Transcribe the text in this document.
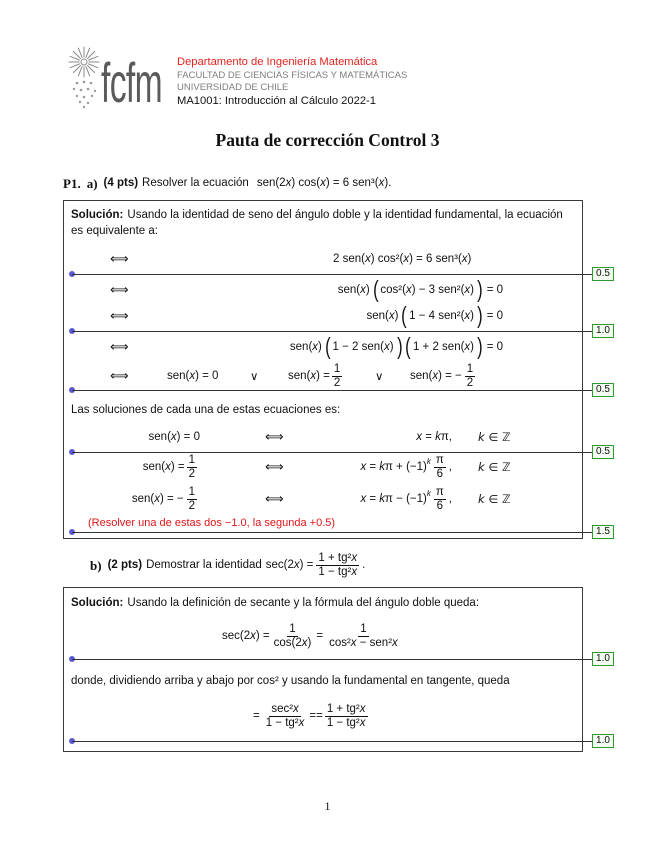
fcfm Departamento de Ingeniería Matemática
FACULTAD DE CIENCIAS FÍSICAS Y MATEMÁTICAS
UNIVERSIDAD DE CHILE
MA1001: Introducción al Cálculo 2022-1
Pauta de corrección Control 3
P1. a) (4 pts) Resolver la ecuación sen(2x) cos(x) = 6 sen³(x).
Solución: Usando la identidad de seno del ángulo doble y la identidad fundamental, la ecuación
es equivalente a:
⟺	2 sen(x) cos²(x) = 6 sen³(x)
0.5
⟺	sen(x) ( cos²(x) − 3 sen²(x) ) = 0
⟺	sen(x) ( 1 − 4 sen²(x) ) = 0
1.0
⟺	sen(x) ( 1 − 2 sen(x) ) ( 1 + 2 sen(x) ) = 0
⟺	sen(x) = 0	∨	$sen(x) = \frac{1}{2}$	∨ sen(x) = − $\frac{1}{2}$	0.5
Las soluciones de cada una de estas ecuaciones es:
sen(x) = 0	⟺	x = kπ, k ∈ ℤ
0.5
$sen(x) = \frac{1}{2}$	⟺	$x = k\pi + (-1)^k \frac{\pi}{6}$ , k ∈ ℤ
sen(x) = − $\frac{1}{2}$	⟺	$x = k\pi - (-1)^k \frac{\pi}{6}$ , k ∈ ℤ
(Resolver una de estas dos −1.0, la segunda +0.5)
1.5
b) (2 pts) Demostrar la identidad $\sec(2x) = \frac{\text{1 + tg²x}}{\text{1 − tg²x}}$ .
Solución: Usando la definición de secante y la fórmula del ángulo doble queda:
$\sec(2x) = \frac{1}{\cos(2x)} = \frac{1}{\text{cos²x − sen²x}}$
1.0
donde, dividiendo arriba y abajo por cos² y usando la fundamental en tangente, queda
= $\frac{\text{sec²x}}{\text{1 − tg²x}} == \frac{\text{1 + tg²x}}{\text{1 − tg²x}}$
1.0
1
